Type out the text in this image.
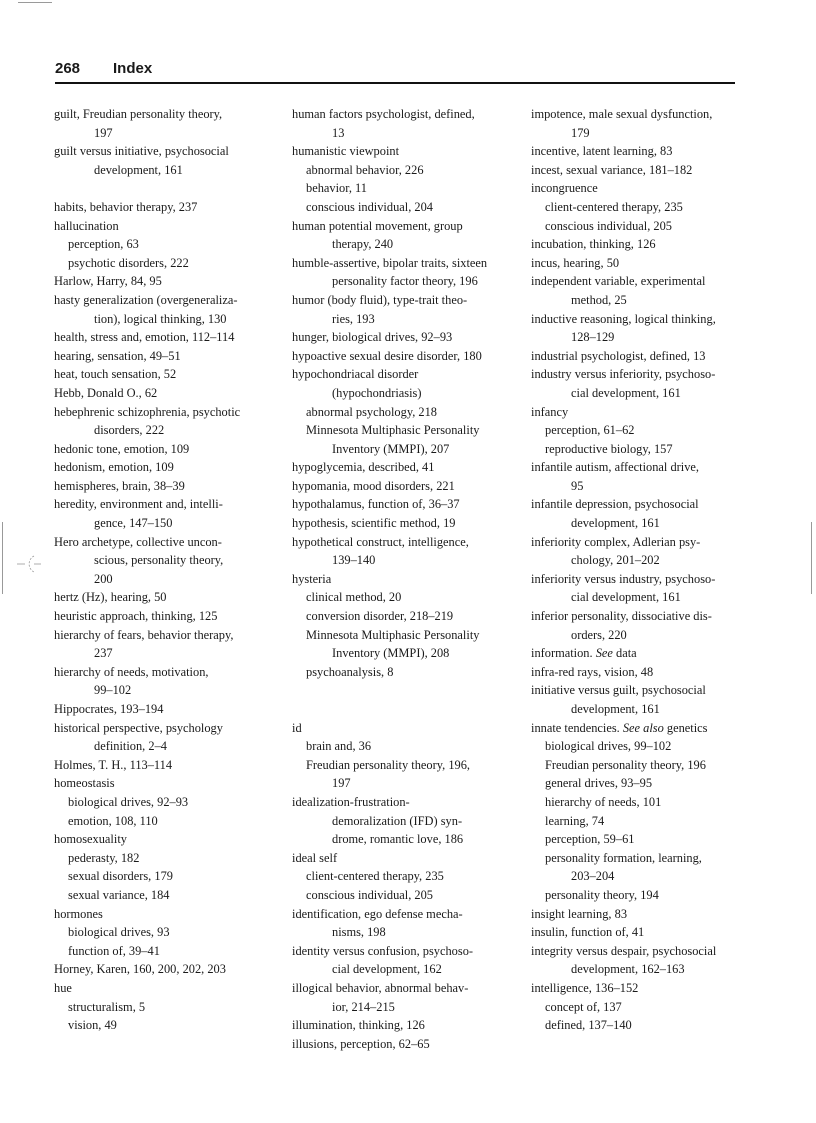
268 Index

guilt, Freudian personality theory,

197

guilt versus initiative, psychosocial

development, 161

habits, behavior therapy, 237

hallucination

perception, 63

psychotic disorders, 222

Harlow, Harry, 84, 95

hasty generalization (overgeneraliza-

tion), logical thinking, 130

health, stress and, emotion, 112–114

hearing, sensation, 49–51

heat, touch sensation, 52

Hebb, Donald O., 62

hebephrenic schizophrenia, psychotic

disorders, 222

hedonic tone, emotion, 109

hedonism, emotion, 109

hemispheres, brain, 38–39

heredity, environment and, intelli-

gence, 147–150

Hero archetype, collective uncon-

scious, personality theory,

200

hertz (Hz), hearing, 50

heuristic approach, thinking, 125

hierarchy of fears, behavior therapy,

237

hierarchy of needs, motivation,

99–102

Hippocrates, 193–194

historical perspective, psychology

definition, 2–4

Holmes, T. H., 113–114

homeostasis

biological drives, 92–93

emotion, 108, 110

homosexuality

pederasty, 182

sexual disorders, 179

sexual variance, 184

hormones

biological drives, 93

function of, 39–41

Horney, Karen, 160, 200, 202, 203

hue

structuralism, 5

vision, 49

human factors psychologist, defined,

13

humanistic viewpoint

abnormal behavior, 226

behavior, 11

conscious individual, 204

human potential movement, group

therapy, 240

humble-assertive, bipolar traits, sixteen

personality factor theory, 196

humor (body fluid), type-trait theo-

ries, 193

hunger, biological drives, 92–93

hypoactive sexual desire disorder, 180

hypochondriacal disorder

(hypochondriasis)

abnormal psychology, 218

Minnesota Multiphasic Personality

Inventory (MMPI), 207

hypoglycemia, described, 41

hypomania, mood disorders, 221

hypothalamus, function of, 36–37

hypothesis, scientific method, 19

hypothetical construct, intelligence,

139–140

hysteria

clinical method, 20

conversion disorder, 218–219

Minnesota Multiphasic Personality

Inventory (MMPI), 208

psychoanalysis, 8

id

brain and, 36

Freudian personality theory, 196,

197

idealization-frustration-

demoralization (IFD) syn-

drome, romantic love, 186

ideal self

client-centered therapy, 235

conscious individual, 205

identification, ego defense mecha-

nisms, 198

identity versus confusion, psychoso-

cial development, 162

illogical behavior, abnormal behav-

ior, 214–215

illumination, thinking, 126

illusions, perception, 62–65

impotence, male sexual dysfunction,

179

incentive, latent learning, 83

incest, sexual variance, 181–182

incongruence

client-centered therapy, 235

conscious individual, 205

incubation, thinking, 126

incus, hearing, 50

independent variable, experimental

method, 25

inductive reasoning, logical thinking,

128–129

industrial psychologist, defined, 13

industry versus inferiority, psychoso-

cial development, 161

infancy

perception, 61–62

reproductive biology, 157

infantile autism, affectional drive,

95

infantile depression, psychosocial

development, 161

inferiority complex, Adlerian psy-

chology, 201–202

inferiority versus industry, psychoso-

cial development, 161

inferior personality, dissociative dis-

orders, 220

information. See data

infra-red rays, vision, 48

initiative versus guilt, psychosocial

development, 161

innate tendencies. See also genetics

biological drives, 99–102

Freudian personality theory, 196

general drives, 93–95

hierarchy of needs, 101

learning, 74

perception, 59–61

personality formation, learning,

203–204

personality theory, 194

insight learning, 83

insulin, function of, 41

integrity versus despair, psychosocial

development, 162–163

intelligence, 136–152

concept of, 137

defined, 137–140
